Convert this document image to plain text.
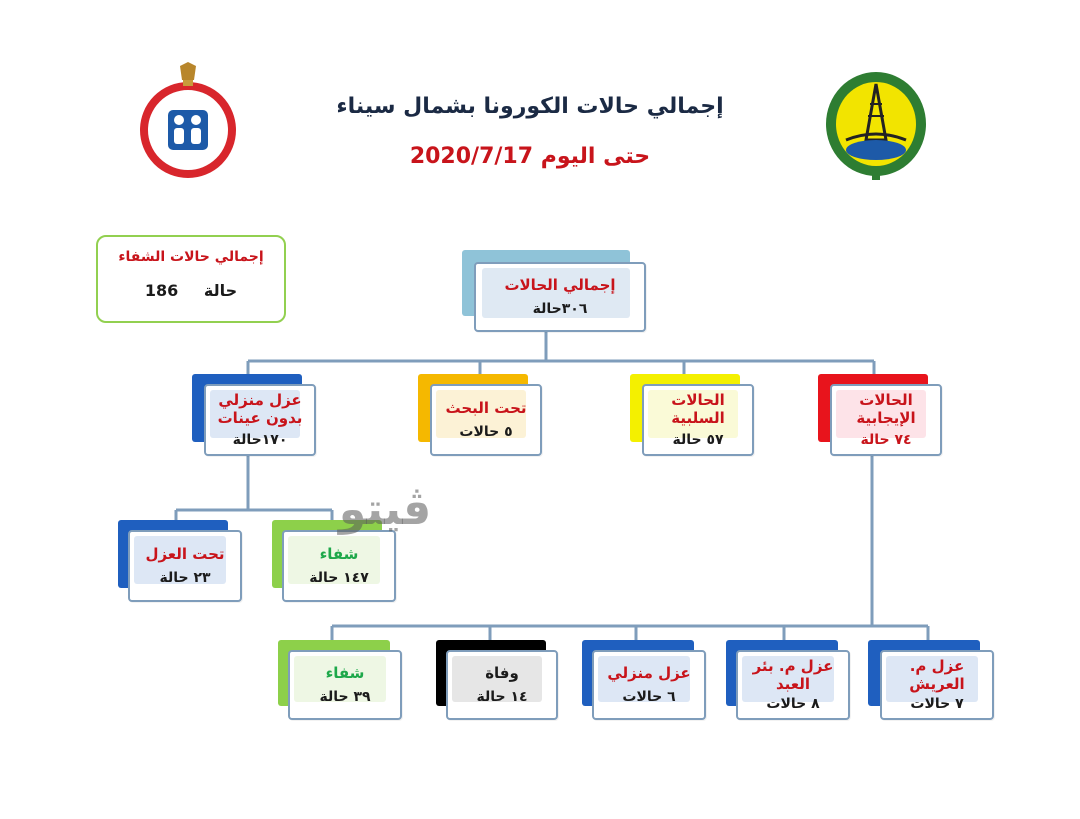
إجمالي حالات الكورونا بشمال سيناء
حتى اليوم 2020/7/17
إجمالي حالات الشفاء
186 حالة	إجمالي الحالات
٣٠٦حالة
الحالات الإيجابية
٧٤ حالة
الحالات السلبية
٥٧ حالة
تحت البحث
٥ حالات
عزل منزلي بدون عينات
١٧٠حالة
تحت العزل
٢٣ حالة
شفاء
١٤٧ حالة
عزل م. العريش
٧ حالات
عزل م. بئر العبد
٨ حالات
عزل منزلي
٦ حالات
وفاة
١٤ حالة
شفاء
٣٩ حالة
ڤيتو
